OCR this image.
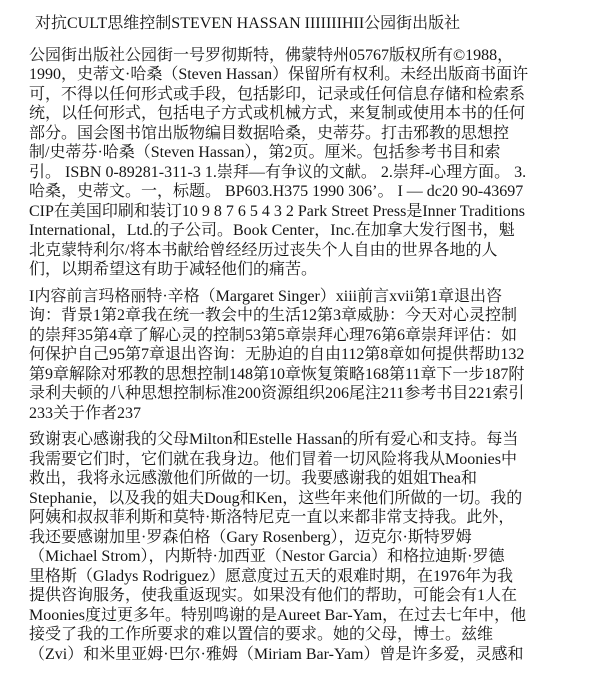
对抗CULT思维控制STEVEN HASSAN IIIIIIIHII公园街出版社
公园街出版社公园街一号罗彻斯特，佛蒙特州05767版权所有©1988，
1990，史蒂文·哈桑（Steven Hassan）保留所有权利。未经出版商书面许
可，不得以任何形式或手段，包括影印，记录或任何信息存储和检索系
统，以任何形式，包括电子方式或机械方式，来复制或使用本书的任何
部分。国会图书馆出版物编目数据哈桑，史蒂芬。打击邪教的思想控
制/史蒂芬·哈桑（Steven Hassan），第2页。厘米。包括参考书目和索
引。 ISBN 0-89281-311-3 1.崇拜—有争议的文献。 2.崇拜-心理方面。 3.
哈桑，史蒂文。一，标题。 BP603.H375 1990 306’。 I — dc20 90-43697
CIP在美国印刷和装订10 9 8 7 6 5 4 3 2 Park Street Press是Inner Traditions
International，Ltd.的子公司。Book Center，Inc.在加拿大发行图书，魁
北克蒙特利尔/将本书献给曾经经历过丧失个人自由的世界各地的人
们，以期希望这有助于减轻他们的痛苦。
I内容前言玛格丽特·辛格（Margaret Singer）xiii前言xvii第1章退出咨
询：背景1第2章我在统一教会中的生活12第3章威胁：今天对心灵控制
的崇拜35第4章了解心灵的控制53第5章崇拜心理76第6章崇拜评估：如
何保护自己95第7章退出咨询：无胁迫的自由112第8章如何提供帮助132
第9章解除对邪教的思想控制148第10章恢复策略168第11章下一步187附
录利夫顿的八种思想控制标准200资源组织206尾注211参考书目221索引
233关于作者237
致谢衷心感谢我的父母Milton和Estelle Hassan的所有爱心和支持。每当
我需要它们时，它们就在我身边。他们冒着一切风险将我从Moonies中
救出，我将永远感激他们所做的一切。我要感谢我的姐姐Thea和
Stephanie，以及我的姐夫Doug和Ken，这些年来他们所做的一切。我的
阿姨和叔叔菲利斯和莫特·斯洛特尼克一直以来都非常支持我。此外，
我还要感谢加里·罗森伯格（Gary Rosenberg），迈克尔·斯特罗姆
（Michael Strom），内斯特·加西亚（Nestor Garcia）和格拉迪斯·罗德
里格斯（Gladys Rodriguez）愿意度过五天的艰难时期，在1976年为我
提供咨询服务，使我重返现实。如果没有他们的帮助，可能会有1人在
Moonies度过更多年。特别鸣谢的是Aureet Bar-Yam，在过去七年中，他
接受了我的工作所要求的难以置信的要求。她的父母，博士。兹维
（Zvi）和米里亚姆·巴尔·雅姆（Miriam Bar-Yam）曾是许多爱，灵感和
